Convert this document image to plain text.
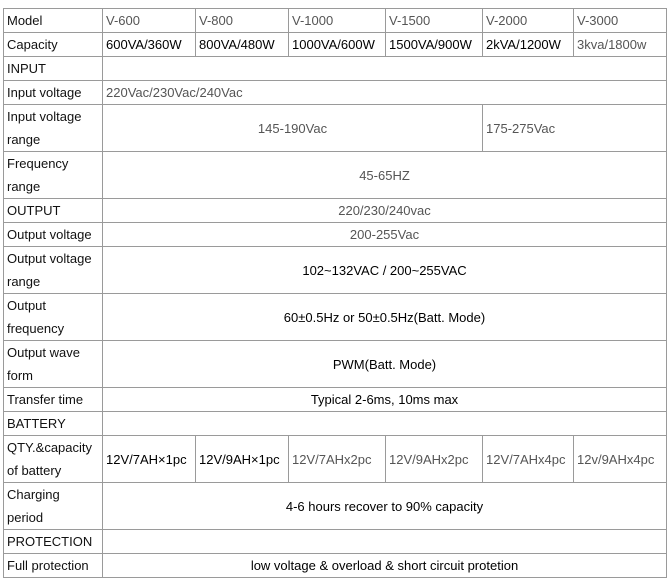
Model	V-600	V-800	V-1000	V-1500	V-2000	V-3000
Capacity	600VA/360W	800VA/480W	1000VA/600W	1500VA/900W	2kVA/1200W	3kva/1800w
INPUT						
Input voltage	220Vac/230Vac/240Vac					
Input voltage range	145-190Vac				175-275Vac	
Frequency range	45-65HZ					
OUTPUT	220/230/240vac					
Output voltage	200-255Vac					
Output voltage range	102~132VAC / 200~255VAC					
Output frequency	60±0.5Hz or 50±0.5Hz(Batt. Mode)					
Output wave form	PWM(Batt. Mode)					
Transfer time	Typical 2-6ms, 10ms max					
BATTERY						
QTY.&capacity of battery	12V/7AH×1pc	12V/9AH×1pc	12V/7AHx2pc	12V/9AHx2pc	12V/7AHx4pc	12v/9AHx4pc
Charging period	4-6 hours recover to 90% capacity					
PROTECTION						
Full protection	low voltage & overload & short circuit protetion					
